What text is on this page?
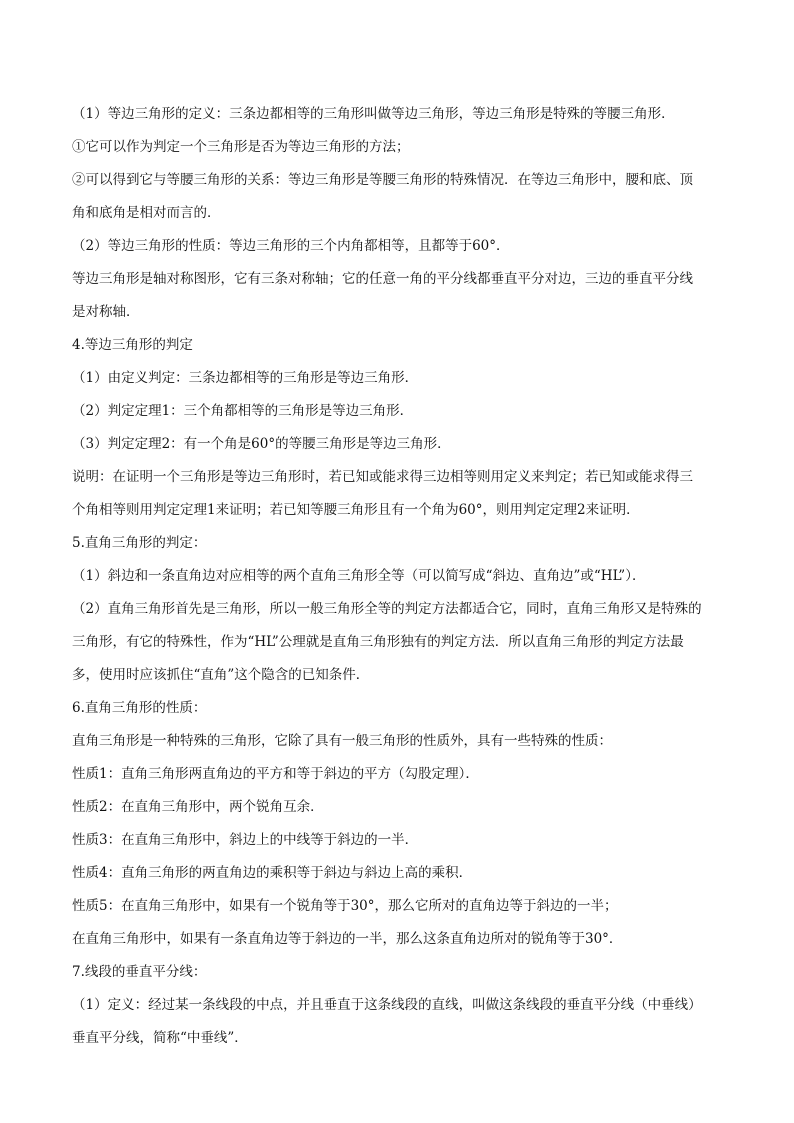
（1）等边三角形的定义：三条边都相等的三角形叫做等边三角形，等边三角形是特殊的等腰三角形．
①它可以作为判定一个三角形是否为等边三角形的方法；
②可以得到它与等腰三角形的关系：等边三角形是等腰三角形的特殊情况．在等边三角形中，腰和底、顶
角和底角是相对而言的．
（2）等边三角形的性质：等边三角形的三个内角都相等，且都等于60°．
等边三角形是轴对称图形，它有三条对称轴；它的任意一角的平分线都垂直平分对边，三边的垂直平分线
是对称轴．
4.等边三角形的判定
（1）由定义判定：三条边都相等的三角形是等边三角形．
（2）判定定理1：三个角都相等的三角形是等边三角形．
（3）判定定理2：有一个角是60°的等腰三角形是等边三角形．
说明：在证明一个三角形是等边三角形时，若已知或能求得三边相等则用定义来判定；若已知或能求得三
个角相等则用判定定理1来证明；若已知等腰三角形且有一个角为60°，则用判定定理2来证明．
5.直角三角形的判定：
（1）斜边和一条直角边对应相等的两个直角三角形全等（可以简写成“斜边、直角边”或“HL”）．
（2）直角三角形首先是三角形，所以一般三角形全等的判定方法都适合它，同时，直角三角形又是特殊的
三角形，有它的特殊性，作为“HL”公理就是直角三角形独有的判定方法．所以直角三角形的判定方法最
多，使用时应该抓住“直角”这个隐含的已知条件．
6.直角三角形的性质：
直角三角形是一种特殊的三角形，它除了具有一般三角形的性质外，具有一些特殊的性质：
性质1：直角三角形两直角边的平方和等于斜边的平方（勾股定理）．
性质2：在直角三角形中，两个锐角互余．
性质3：在直角三角形中，斜边上的中线等于斜边的一半．
性质4：直角三角形的两直角边的乘积等于斜边与斜边上高的乘积．
性质5：在直角三角形中，如果有一个锐角等于30°，那么它所对的直角边等于斜边的一半；
在直角三角形中，如果有一条直角边等于斜边的一半，那么这条直角边所对的锐角等于30°．
7.线段的垂直平分线：
（1）定义：经过某一条线段的中点，并且垂直于这条线段的直线，叫做这条线段的垂直平分线（中垂线）
垂直平分线，简称“中垂线”．
